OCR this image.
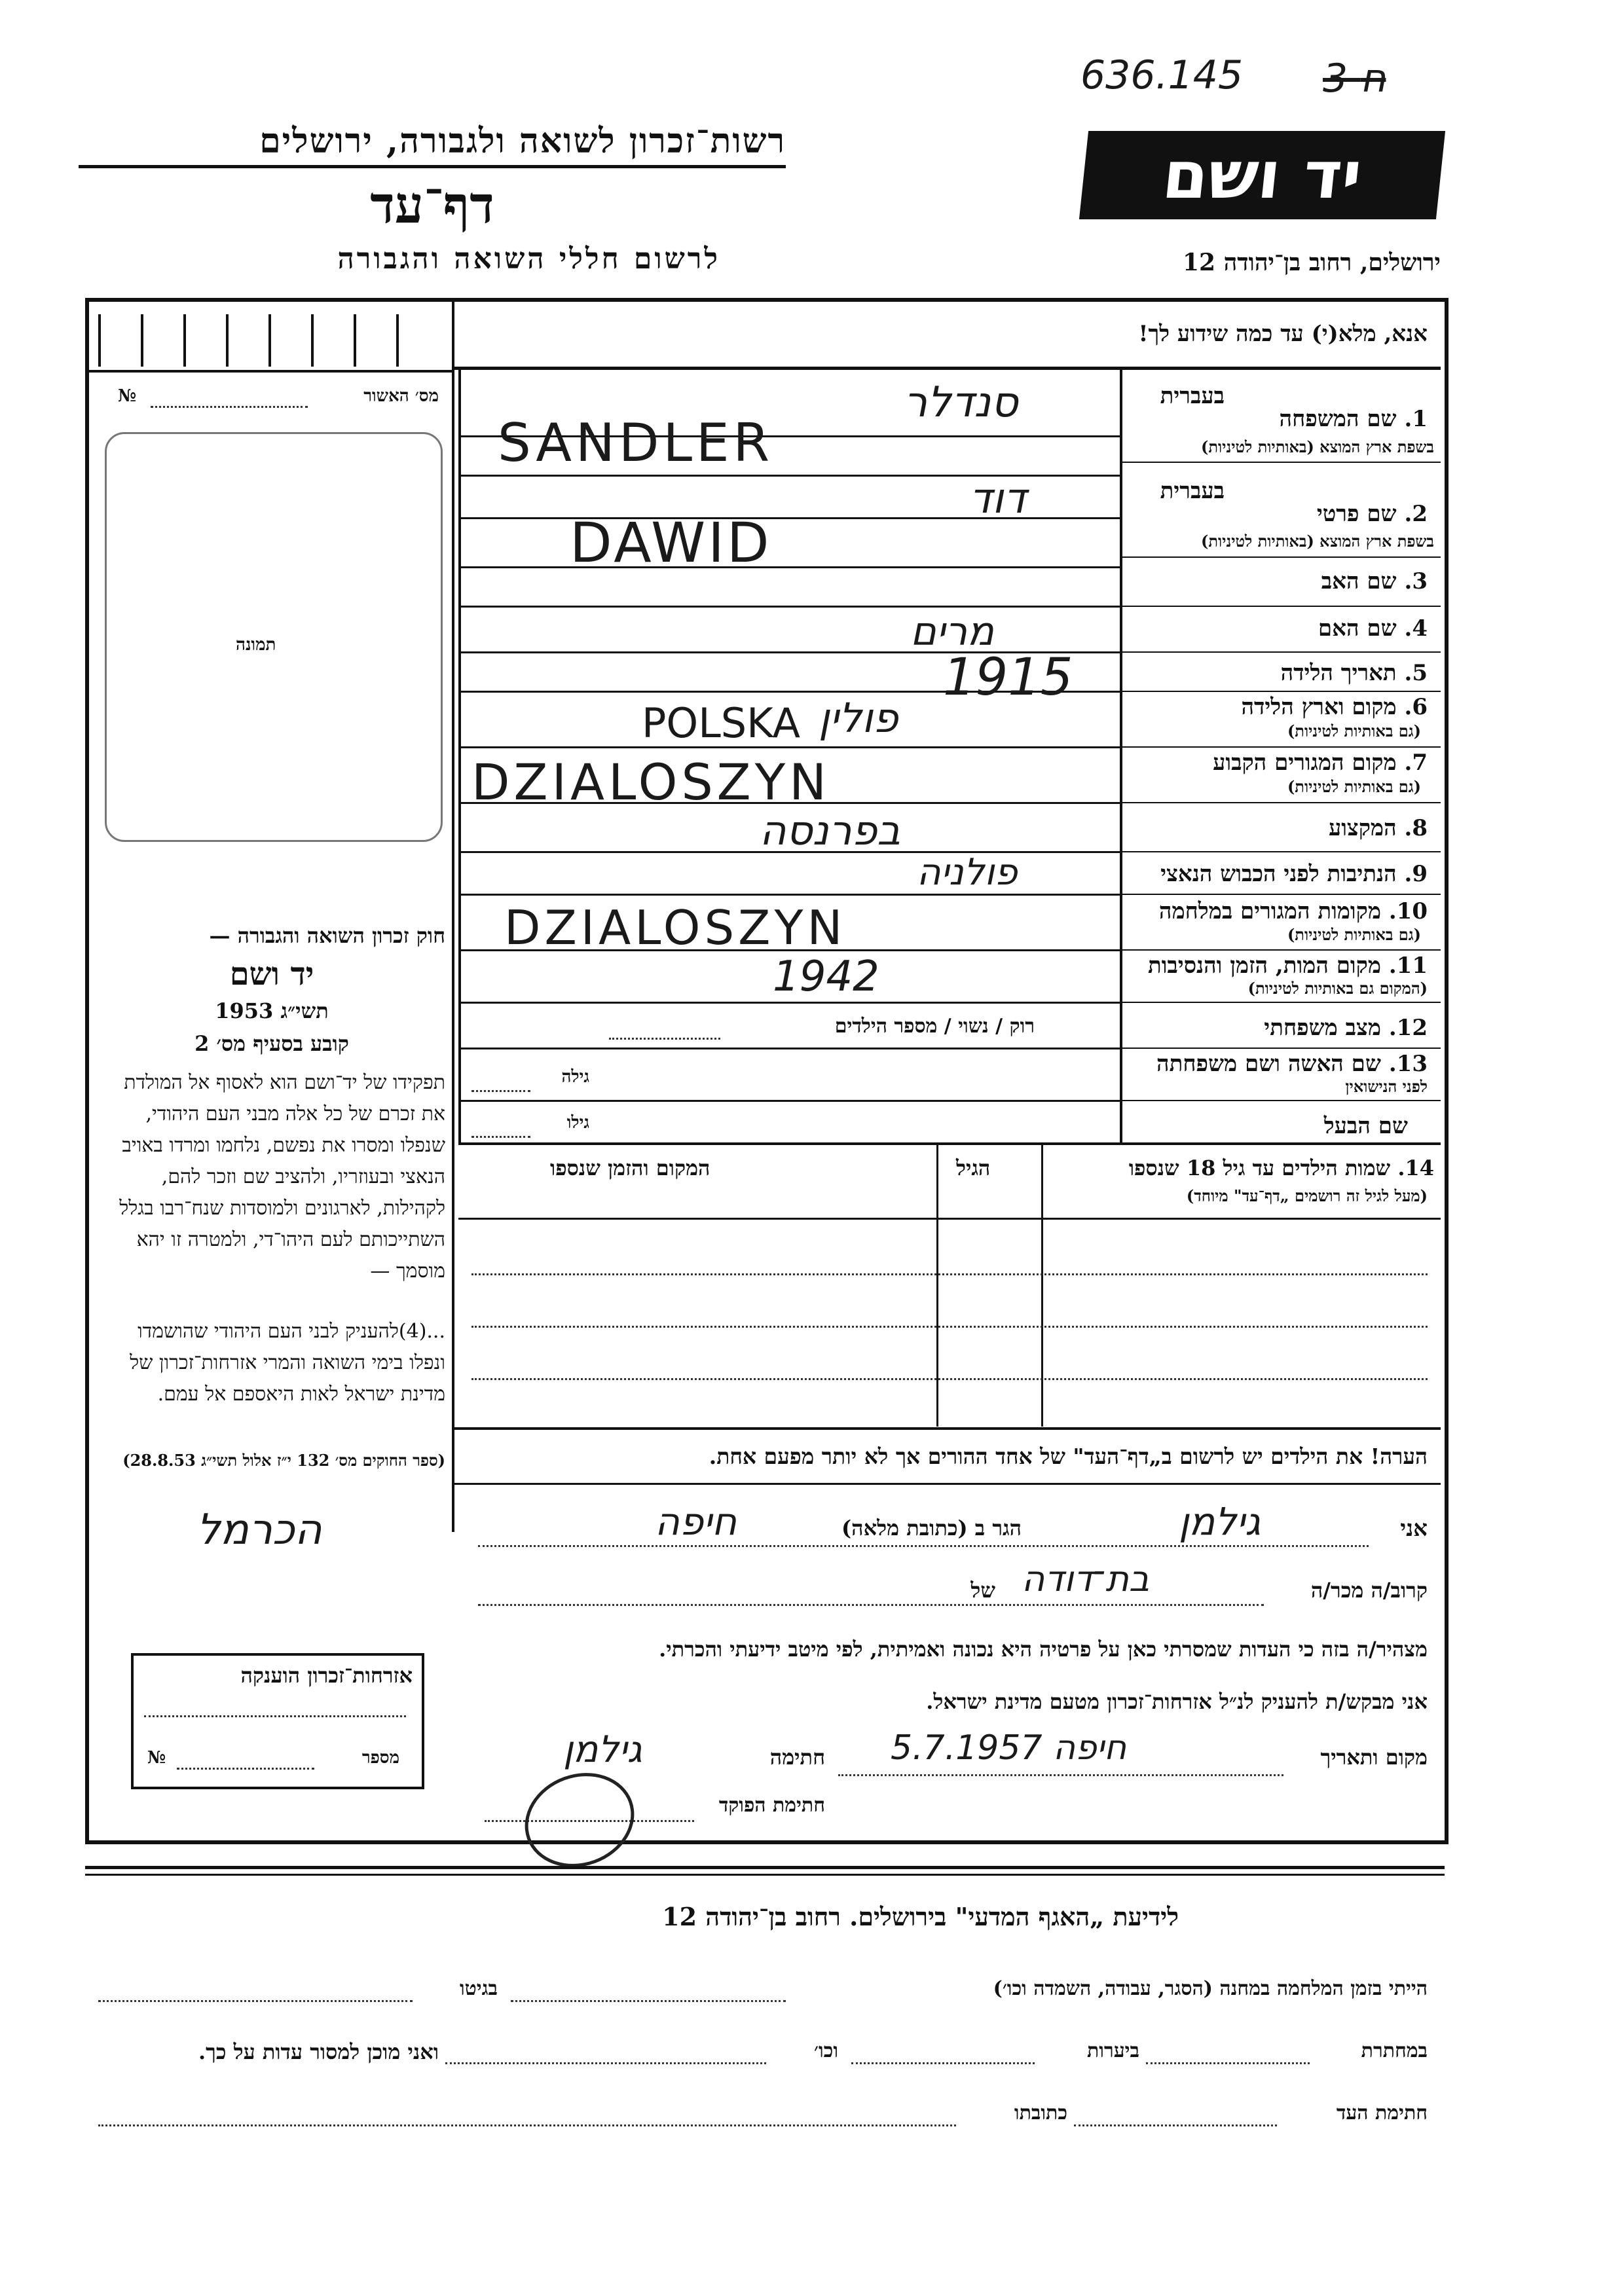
636.145 3 ח
רשות־זכרון לשואה ולגבורה, ירושלים
דף־עד
לרשום חללי השואה והגבורה
יד ושם
ירושלים, רחוב בן־יהודה 12
מס׳ האשור
№
תמונה
חוק זכרון השואה והגבורה —
יד ושם
1953 תשי״ג
קובע בסעיף מס׳ 2
תפקידו של יד־ושם הוא לאסוף אל המולדת את זכרם של כל אלה מבני העם היהודי, שנפלו ומסרו את נפשם, נלחמו ומרדו באויב הנאצי ובעוזריו, ולהציב שם וזכר להם, לקהילות, לארגונים ולמוסדות שנח־רבו בגלל השתייכותם לעם היהו־די, ולמטרה זו יהא מוסמך —
...(4)להעניק לבני העם היהודי שהושמדו ונפלו בימי השואה והמרי אזרחות־זכרון של מדינת ישראל לאות היאספם אל עמם.
(ספר החוקים מס׳ 132 י״ז אלול תשי״ג 28.8.53)
אנא, מלא(י) עד כמה שידוע לך!
בעברית
1. שם המשפחה
בשפת ארץ המוצא (באותיות לטיניות)
בעברית
2. שם פרטי
בשפת ארץ המוצא (באותיות לטיניות)
3. שם האב
4. שם האם
5. תאריך הלידה
6. מקום וארץ הלידה
(גם באותיות לטיניות)
7. מקום המגורים הקבוע
(גם באותיות לטיניות)
8. המקצוע
9. הנתיבות לפני הכבוש הנאצי
10. מקומות המגורים במלחמה
(גם באותיות לטיניות)
11. מקום המות, הזמן והנסיבות
(המקום גם באותיות לטיניות)
12. מצב משפחתי
רוק / נשוי / מספר הילדים
13. שם האשה ושם משפחתה
לפני הנישואין
גילה
שם הבעל
גילו
14. שמות הילדים עד גיל 18 שנספו
(מעל לגיל זה רושמים „דף־עד" מיוחד)
הגיל
המקום והזמן שנספו
הערה! את הילדים יש לרשום ב„דף־העד" של אחד ההורים אך לא יותר מפעם אחת.
אזרחות־זכרון הוענקה
מספר
№
הכרמל	אני
גילמן
הגר ב (כתובת מלאה)
חיפה
קרוב/ה מכר/ה
בת־דודה
של
מצהיר/ה בזה כי העדות שמסרתי כאן על פרטיה היא נכונה ואמיתית, לפי מיטב ידיעתי והכרתי.
אני מבקש/ת להעניק לנ״ל אזרחות־זכרון מטעם מדינת ישראל.
מקום ותאריך
חיפה 5.7.1957
חתימה
גילמן
חתימת הפוקד
לידיעת „האגף המדעי" בירושלים. רחוב בן־יהודה 12
הייתי בזמן המלחמה במחנה (הסגר, עבודה, השמדה וכו׳)
בגיטו
במחתרת
ביערות
וכו׳
ואני מוכן למסור עדות על כך.
חתימת העד
כתובתו
סנדלר
SANDLER
דוד
DAWID
מרים
1915
POLSKA פולין
DZIALOSZYN
בפרנסה
פולניה
DZIALOSZYN
1942
